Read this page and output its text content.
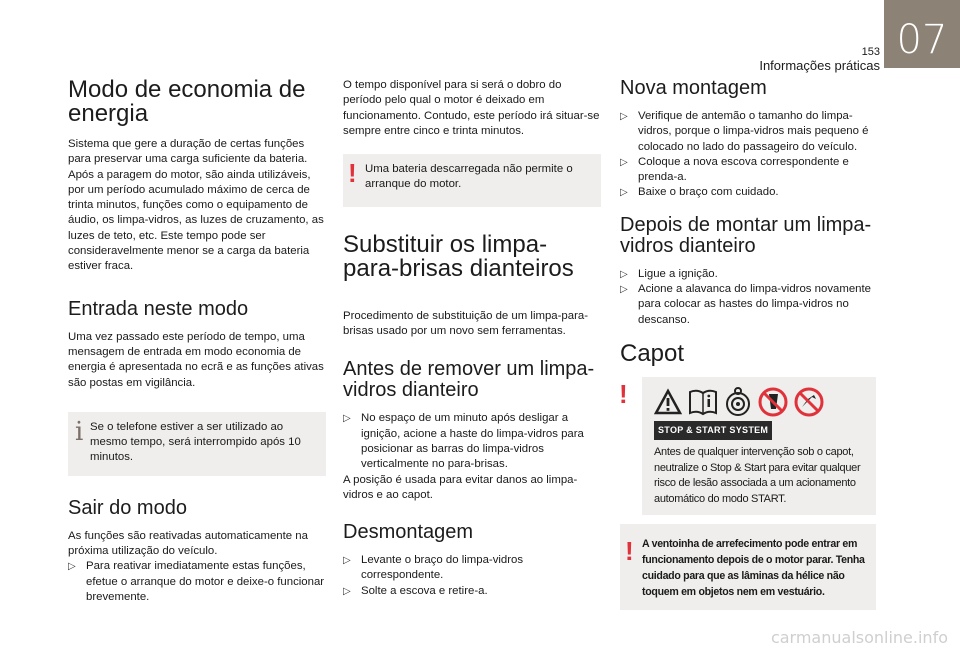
07
153
Informações práticas
Modo de economia de energia

Sistema que gere a duração de certas funções para preservar uma carga suficiente da bateria. Após a paragem do motor, são ainda utilizáveis, por um período acumulado máximo de cerca de trinta minutos, funções como o equipamento de áudio, os limpa-vidros, as luzes de cruzamento, as luzes de teto, etc. Este tempo pode ser consideravelmente menor se a carga da bateria estiver fraca.

Entrada neste modo

Uma vez passado este período de tempo, uma mensagem de entrada em modo economia de energia é apresentada no ecrã e as funções ativas são postas em vigilância.

i Se o telefone estiver a ser utilizado ao mesmo tempo, será interrompido após 10 minutos.
Sair do modo

As funções são reativadas automaticamente na próxima utilização do veículo.

▷ Para reativar imediatamente estas funções, efetue o arranque do motor e deixe-o funcionar brevemente.

O tempo disponível para si será o dobro do período pelo qual o motor é deixado em funcionamento. Contudo, este período irá situar-se sempre entre cinco e trinta minutos.

! Uma bateria descarregada não permite o arranque do motor.
Substituir os limpa-para-brisas dianteiros

Procedimento de substituição de um limpa-para-brisas usado por um novo sem ferramentas.

Antes de remover um limpa-vidros dianteiro
▷ No espaço de um minuto após desligar a ignição, acione a haste do limpa-vidros para posicionar as barras do limpa-vidros verticalmente no para-brisas.

A posição é usada para evitar danos ao limpa-vidros e ao capot.

Desmontagem
▷ Levante o braço do limpa-vidros correspondente.
▷ Solte a escova e retire-a.
Nova montagem
▷ Verifique de antemão o tamanho do limpa-vidros, porque o limpa-vidros mais pequeno é colocado no lado do passageiro do veículo.
▷ Coloque a nova escova correspondente e prenda-a.
▷ Baixe o braço com cuidado.
Depois de montar um limpa-vidros dianteiro
▷ Ligue a ignição.
▷ Acione a alavanca do limpa-vidros novamente para colocar as hastes do limpa-vidros no descanso.
Capot
!
STOP & START SYSTEM

Antes de qualquer intervenção sob o capot, neutralize o Stop & Start para evitar qualquer risco de lesão associada a um acionamento automático do modo START.

! A ventoinha de arrefecimento pode entrar em funcionamento depois de o motor parar. Tenha cuidado para que as lâminas da hélice não toquem em objetos nem em vestuário.

carmanualsonline.info
